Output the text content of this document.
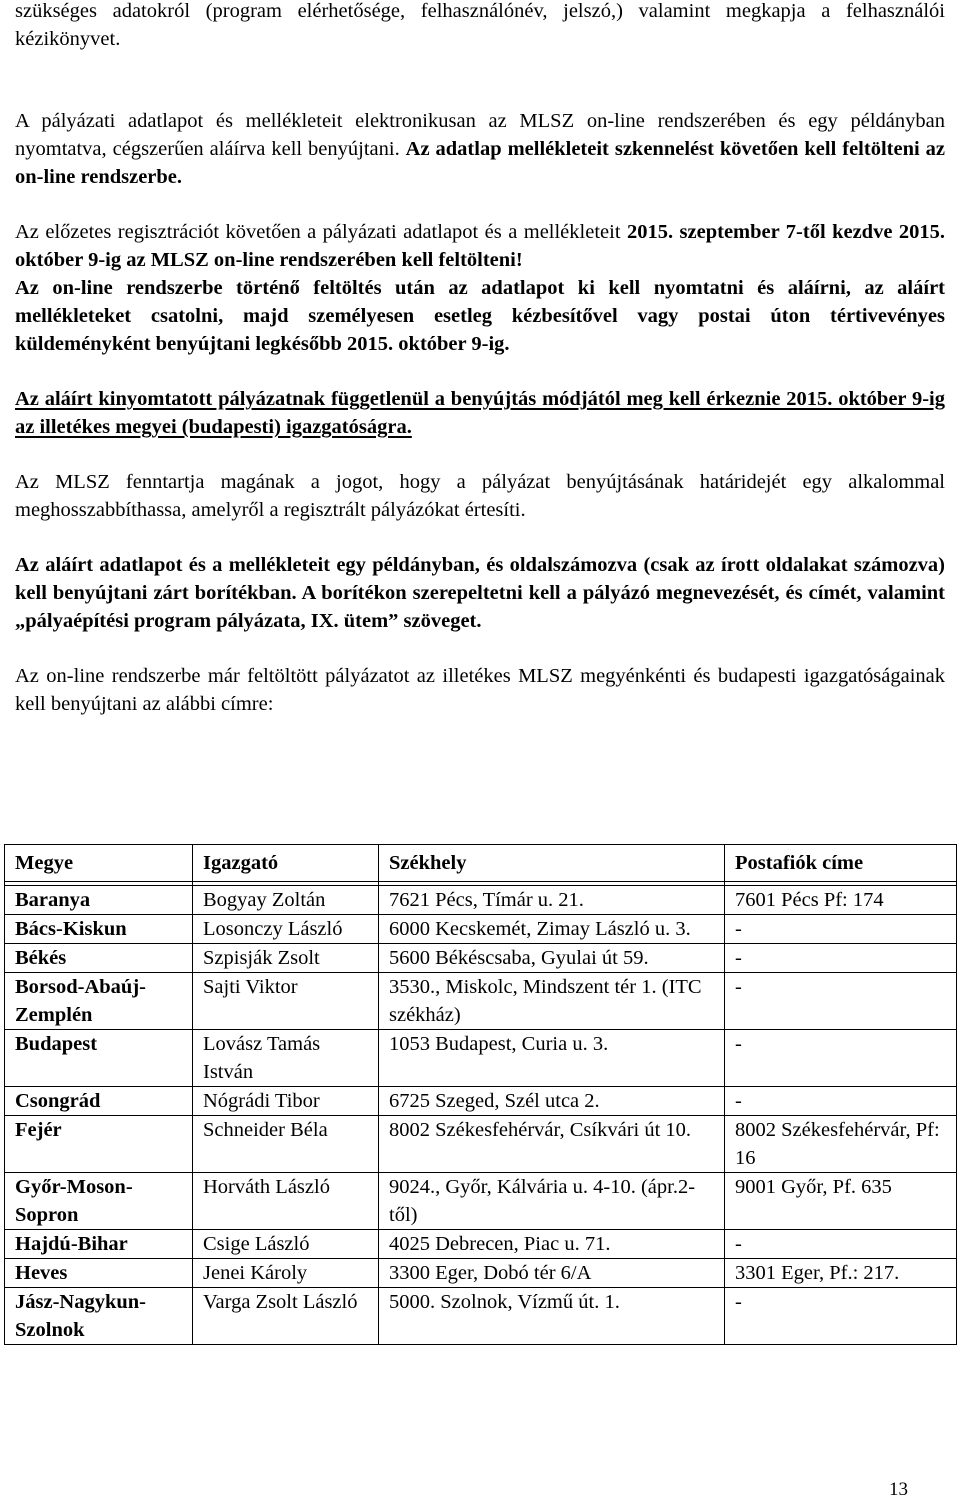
szükséges adatokról (program elérhetősége, felhasználónév, jelszó,) valamint megkapja a felhasználói kézikönyvet.

A pályázati adatlapot és mellékleteit elektronikusan az MLSZ on-line rendszerében és egy példányban nyomtatva, cégszerűen aláírva kell benyújtani. Az adatlap mellékleteit szkennelést követően kell feltölteni az on-line rendszerbe.

Az előzetes regisztrációt követően a pályázati adatlapot és a mellékleteit 2015. szeptember 7-től kezdve 2015. október 9-ig az MLSZ on-line rendszerében kell feltölteni!

Az on-line rendszerbe történő feltöltés után az adatlapot ki kell nyomtatni és aláírni, az aláírt mellékleteket csatolni, majd személyesen esetleg kézbesítővel vagy postai úton tértivevényes küldeményként benyújtani legkésőbb 2015. október 9-ig.

Az aláírt kinyomtatott pályázatnak függetlenül a benyújtás módjától meg kell érkeznie 2015. október 9-ig az illetékes megyei (budapesti) igazgatóságra.

Az MLSZ fenntartja magának a jogot, hogy a pályázat benyújtásának határidejét egy alkalommal meghosszabbíthassa, amelyről a regisztrált pályázókat értesíti.

Az aláírt adatlapot és a mellékleteit egy példányban, és oldalszámozva (csak az írott oldalakat számozva) kell benyújtani zárt borítékban. A borítékon szerepeltetni kell a pályázó megnevezését, és címét, valamint „pályaépítési program pályázata, IX. ütem” szöveget.

Az on-line rendszerbe már feltöltött pályázatot az illetékes MLSZ megyénkénti és budapesti igazgatóságainak kell benyújtani az alábbi címre:

Megye	Igazgató	Székhely	Postafiók címe

Baranya	Bogyay Zoltán	7621 Pécs, Tímár u. 21.	7601 Pécs Pf: 174
Bács-Kiskun	Losonczy László	6000 Kecskemét, Zimay László u. 3.	-
Békés	Szpisják Zsolt	5600 Békéscsaba, Gyulai út 59.	-
Borsod-Abaúj-Zemplén	Sajti Viktor	3530., Miskolc, Mindszent tér 1. (ITC székház)	-
Budapest	Lovász Tamás István	1053 Budapest, Curia u. 3.	-
Csongrád	Nógrádi Tibor	6725 Szeged, Szél utca 2.	-
Fejér	Schneider Béla	8002 Székesfehérvár, Csíkvári út 10.	8002 Székesfehérvár, Pf: 16
Győr-Moson-Sopron	Horváth László	9024., Győr, Kálvária u. 4-10. (ápr.2-től)	9001 Győr, Pf. 635
Hajdú-Bihar	Csige László	4025 Debrecen, Piac u. 71.	-
Heves	Jenei Károly	3300 Eger, Dobó tér 6/A	3301 Eger, Pf.: 217.
Jász-Nagykun-Szolnok	Varga Zsolt László	5000. Szolnok, Vízmű út. 1.	-
13
